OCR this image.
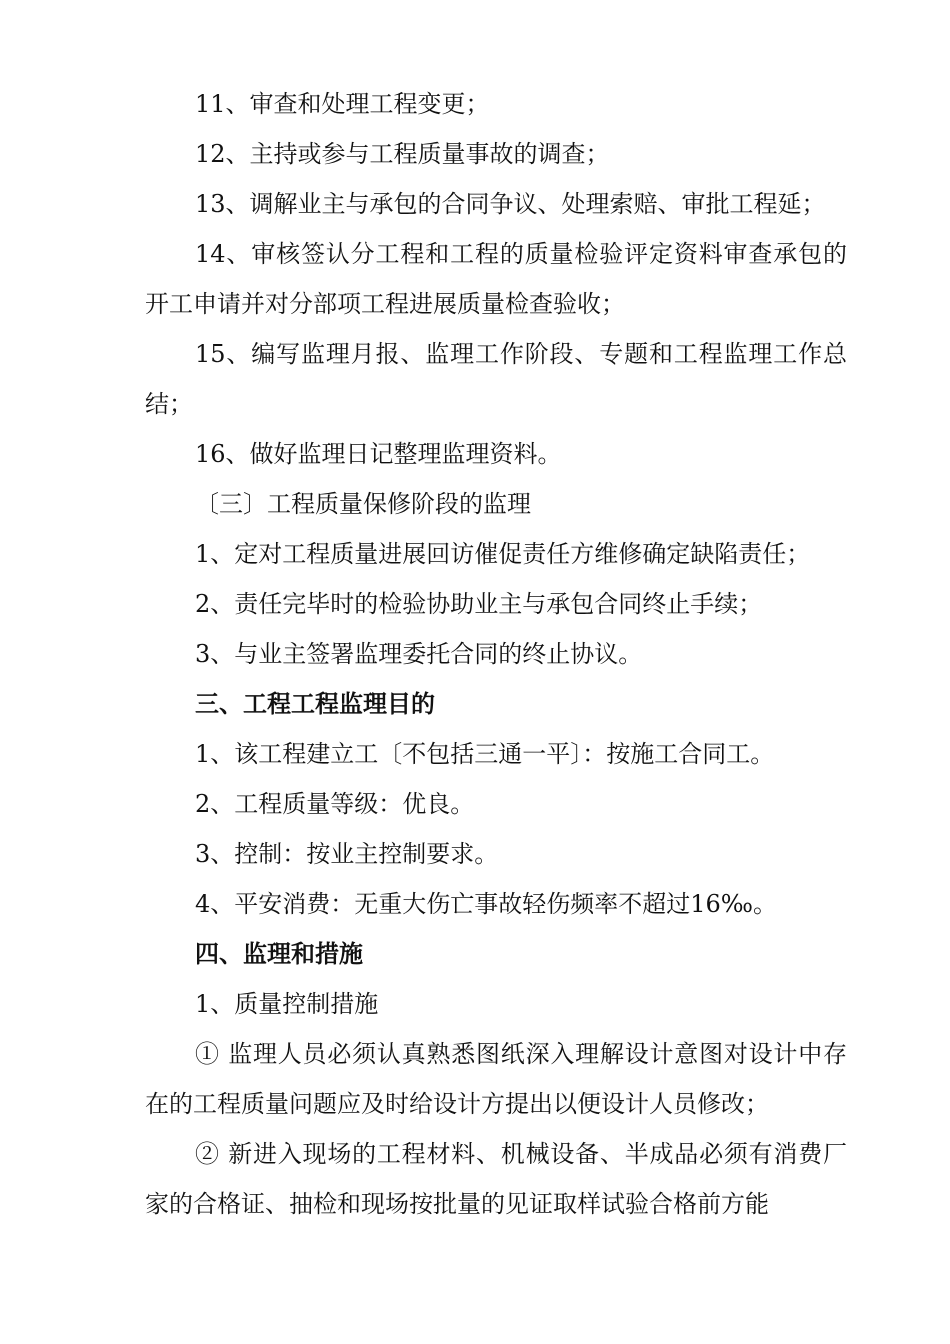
11、审查和处理工程变更；

12、主持或参与工程质量事故的调查；

13、调解业主与承包的合同争议、处理索赔、审批工程延；

14、审核签认分工程和工程的质量检验评定资料审查承包的开工申请并对分部项工程进展质量检查验收；

15、编写监理月报、监理工作阶段、专题和工程监理工作总结；

16、做好监理日记整理监理资料。

〔三〕工程质量保修阶段的监理

1、定对工程质量进展回访催促责任方维修确定缺陷责任；

2、责任完毕时的检验协助业主与承包合同终止手续；

3、与业主签署监理委托合同的终止协议。

三、工程工程监理目的

1、该工程建立工〔不包括三通一平〕：按施工合同工。

2、工程质量等级：优良。

3、控制：按业主控制要求。

4、平安消费：无重大伤亡事故轻伤频率不超过16‰。

四、监理和措施

1、质量控制措施

① 监理人员必须认真熟悉图纸深入理解设计意图对设计中存在的工程质量问题应及时给设计方提出以便设计人员修改；

② 新进入现场的工程材料、机械设备、半成品必须有消费厂家的合格证、抽检和现场按批量的见证取样试验合格前方能
